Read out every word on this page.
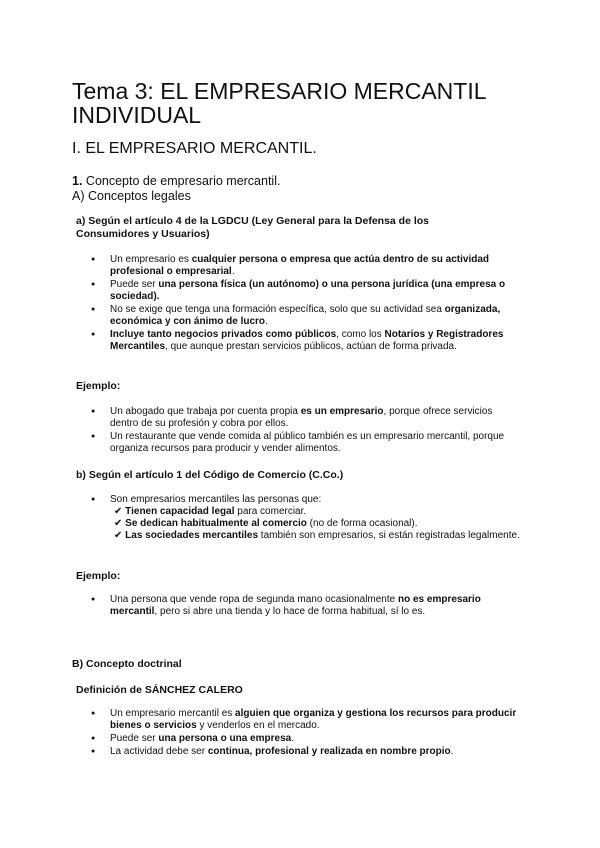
Tema 3: EL EMPRESARIO MERCANTIL INDIVIDUAL
I. EL EMPRESARIO MERCANTIL.
1. Concepto de empresario mercantil.
A) Conceptos legales
a) Según el artículo 4 de la LGDCU (Ley General para la Defensa de los Consumidores y Usuarios)
● Un empresario es cualquier persona o empresa que actúa dentro de su actividad profesional o empresarial.
● Puede ser una persona física (un autónomo) o una persona jurídica (una empresa o sociedad).
● No se exige que tenga una formación específica, solo que su actividad sea organizada, económica y con ánimo de lucro.
● Incluye tanto negocios privados como públicos, como los Notarios y Registradores Mercantiles, que aunque prestan servicios públicos, actúan de forma privada.
Ejemplo:
● Un abogado que trabaja por cuenta propia es un empresario, porque ofrece servicios dentro de su profesión y cobra por ellos.
● Un restaurante que vende comida al público también es un empresario mercantil, porque organiza recursos para producir y vender alimentos.
b) Según el artículo 1 del Código de Comercio (C.Co.)
● Son empresarios mercantiles las personas que:
✔ Tienen capacidad legal para comerciar.
✔ Se dedican habitualmente al comercio (no de forma ocasional).
✔ Las sociedades mercantiles también son empresarios, si están registradas legalmente.
Ejemplo:
● Una persona que vende ropa de segunda mano ocasionalmente no es empresario mercantil, pero si abre una tienda y lo hace de forma habitual, sí lo es.
B) Concepto doctrinal
Definición de SÁNCHEZ CALERO
● Un empresario mercantil es alguien que organiza y gestiona los recursos para producir bienes o servicios y venderlos en el mercado.
● Puede ser una persona o una empresa.
● La actividad debe ser continua, profesional y realizada en nombre propio.
